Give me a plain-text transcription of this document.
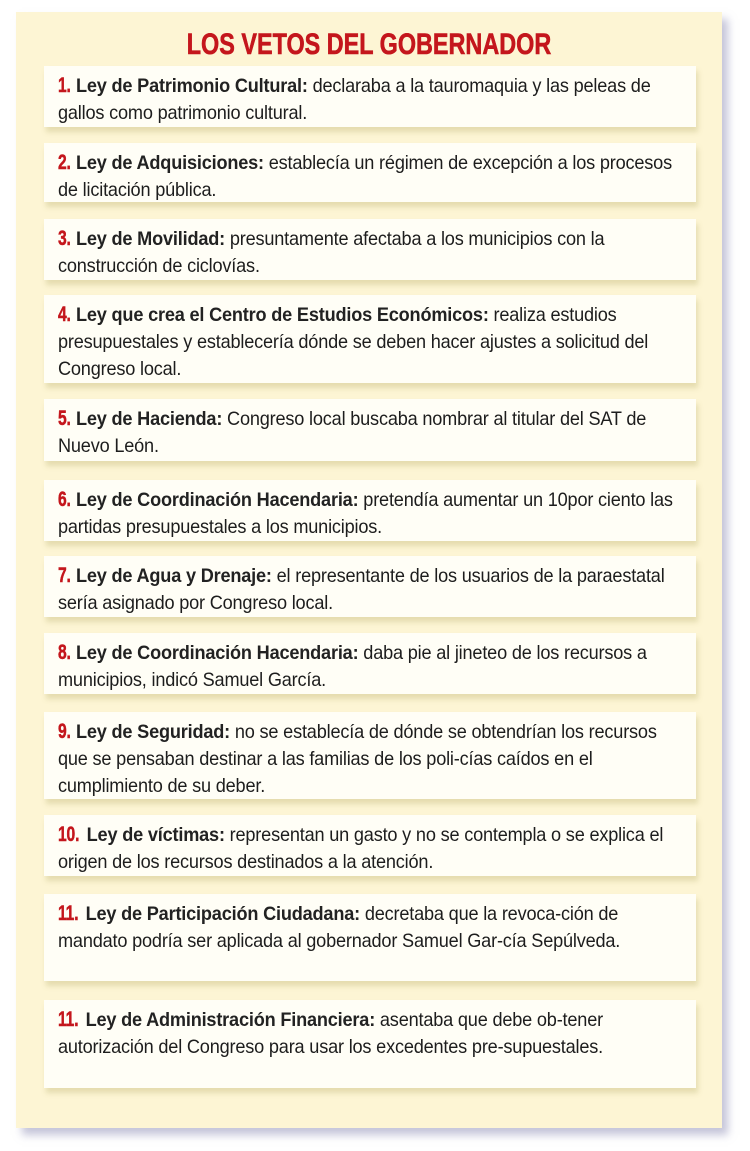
LOS VETOS DEL GOBERNADOR
1. Ley de Patrimonio Cultural: declaraba a la tauromaquia y las peleas de gallos como patrimonio cultural.
2. Ley de Adquisiciones: establecía un régimen de excepción a los procesos de licitación pública.
3. Ley de Movilidad: presuntamente afectaba a los municipios con la construcción de ciclovías.
4. Ley que crea el Centro de Estudios Económicos: realiza estudios presupuestales y establecería dónde se deben hacer ajustes a solicitud del Congreso local.
5. Ley de Hacienda: Congreso local buscaba nombrar al titular del SAT de Nuevo León.
6. Ley de Coordinación Hacendaria: pretendía aumentar un 10por ciento las partidas presupuestales a los municipios.
7. Ley de Agua y Drenaje: el representante de los usuarios de la paraestatal sería asignado por Congreso local.
8. Ley de Coordinación Hacendaria: daba pie al jineteo de los recursos a municipios, indicó Samuel García.
9. Ley de Seguridad: no se establecía de dónde se obtendrían los recursos que se pensaban destinar a las familias de los poli-cías caídos en el cumplimiento de su deber.
10. Ley de víctimas: representan un gasto y no se contempla o se explica el origen de los recursos destinados a la atención.
11. Ley de Participación Ciudadana: decretaba que la revoca-ción de mandato podría ser aplicada al gobernador Samuel Gar-cía Sepúlveda.
11. Ley de Administración Financiera: asentaba que debe ob-tener autorización del Congreso para usar los excedentes pre-supuestales.
